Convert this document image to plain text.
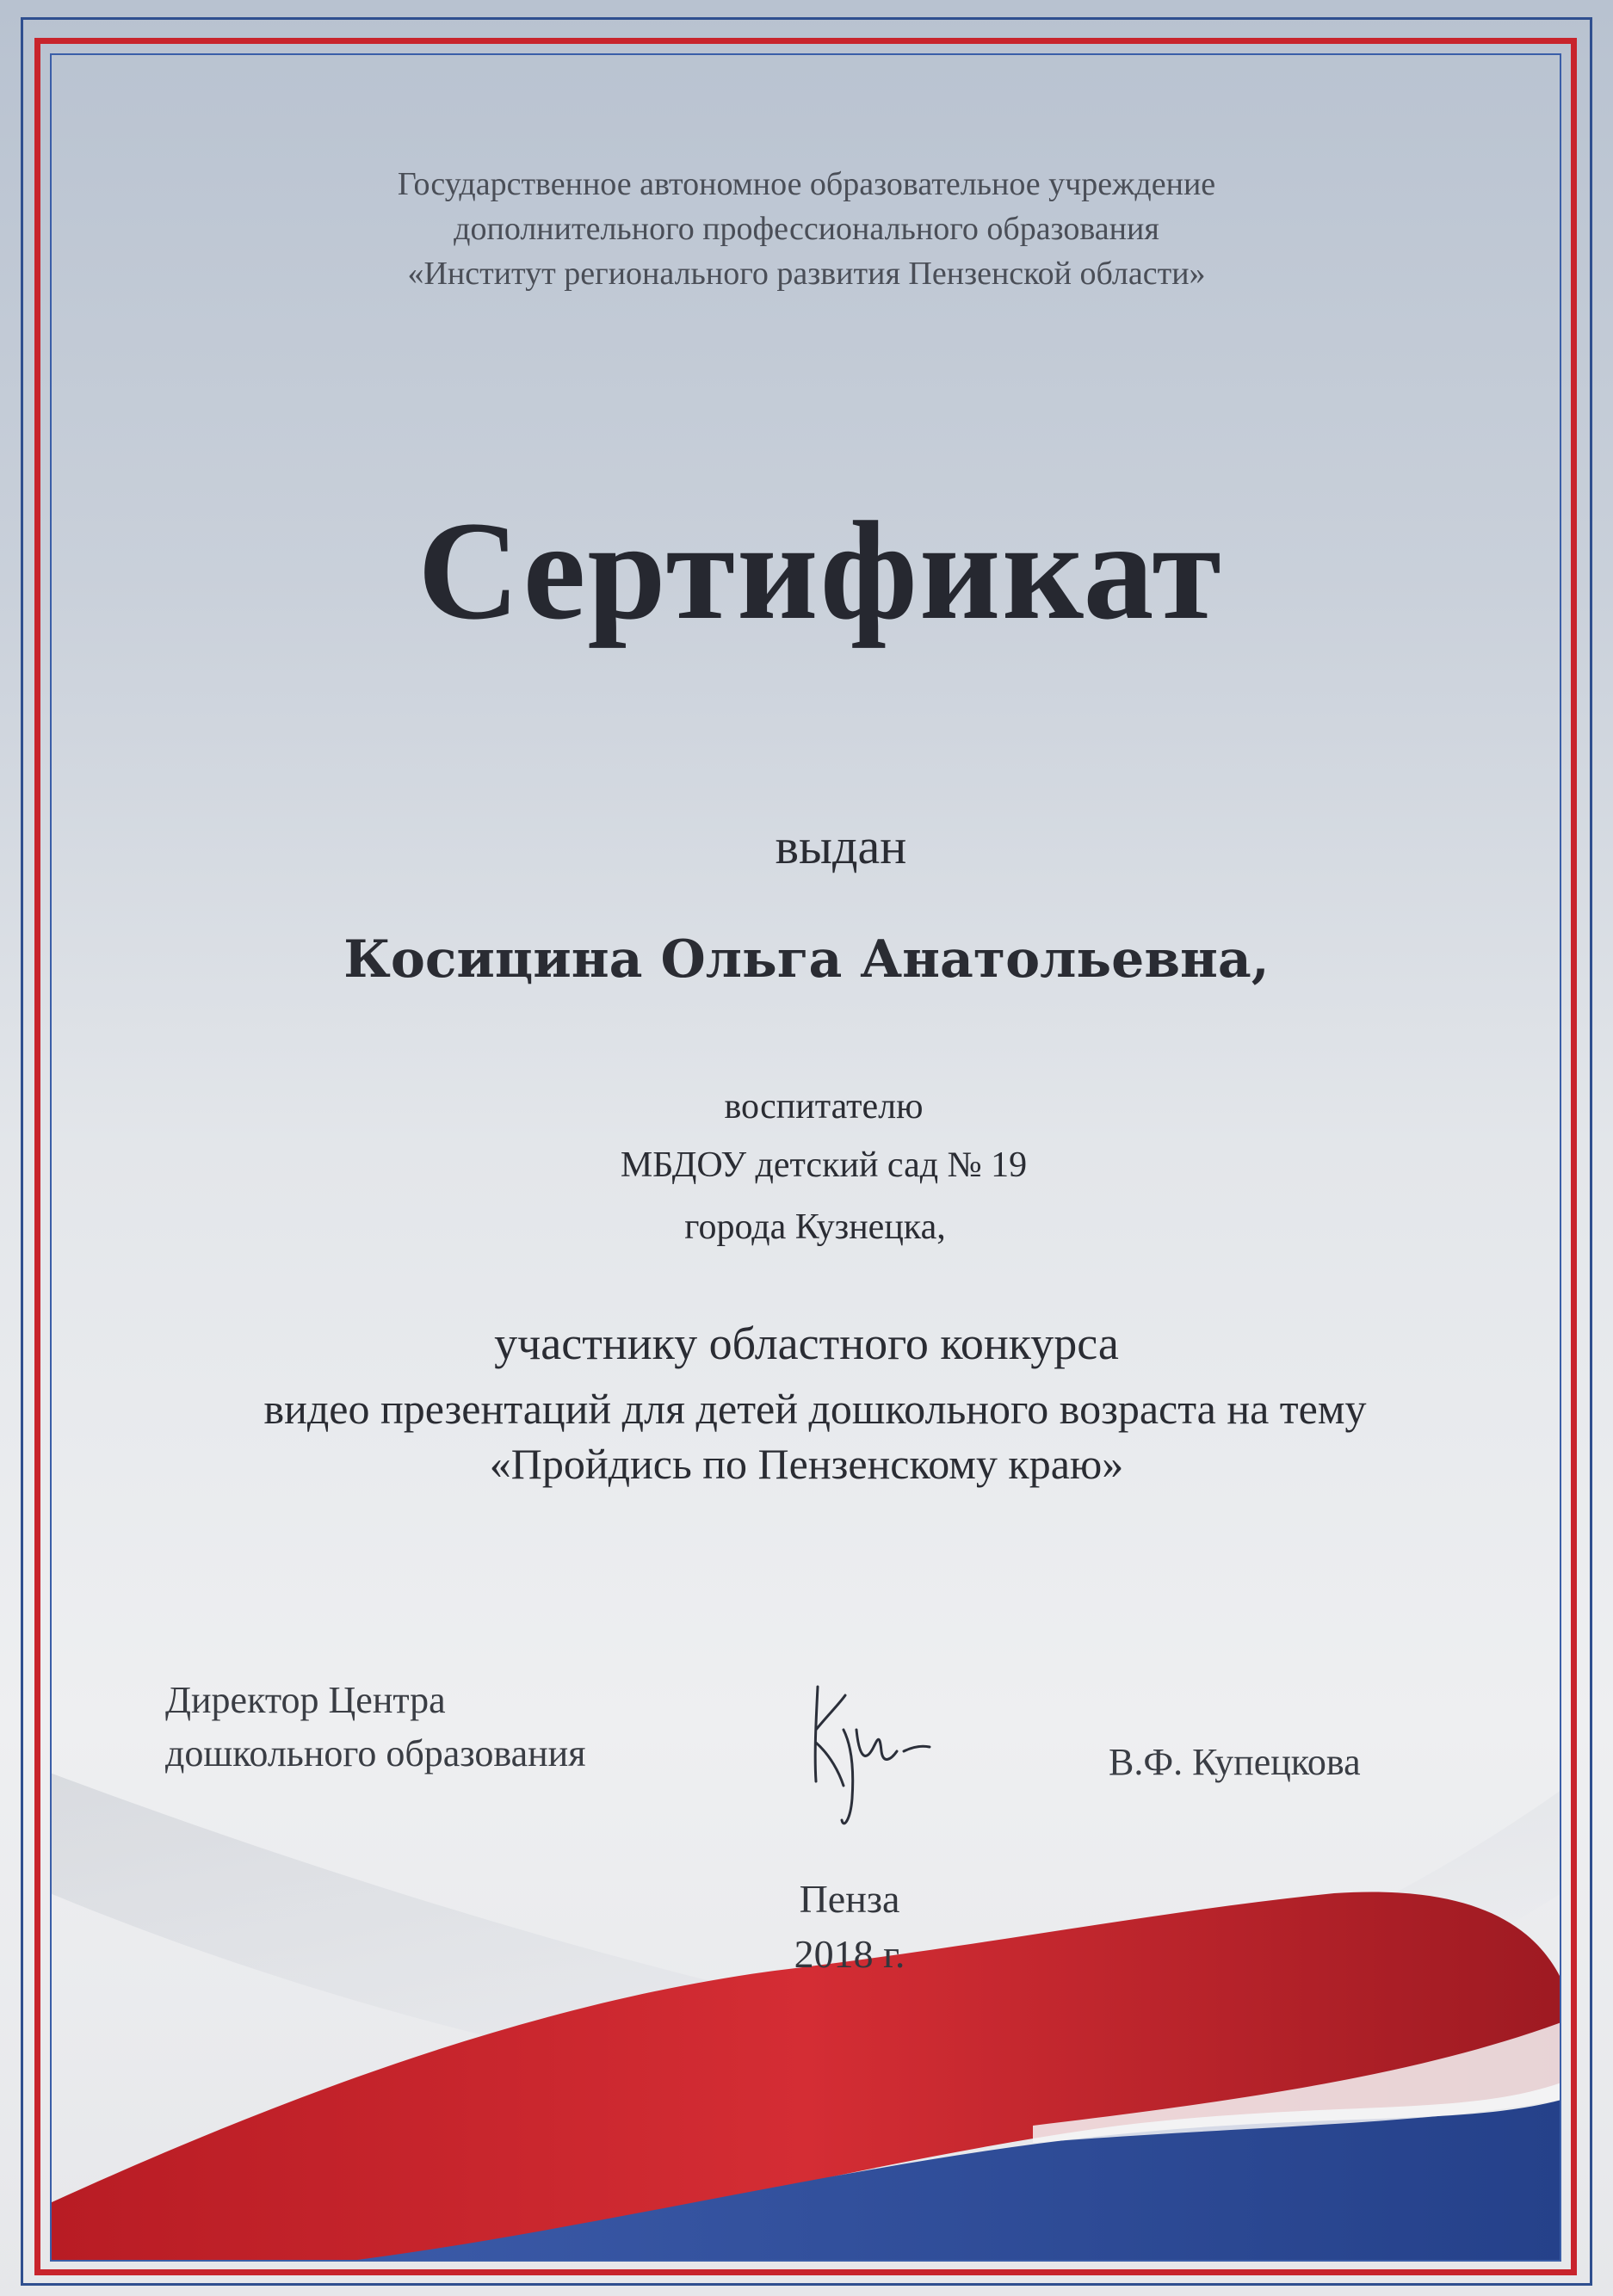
Государственное автономное образовательное учреждение
дополнительного профессионального образования
«Институт регионального развития Пензенской области»
Сертификат
выдан
Косицина Ольга Анатольевна,
воспитателю
МБДОУ детский сад № 19
города Кузнецка,
участнику областного конкурса
видео презентаций для детей дошкольного возраста на тему
«Пройдись по Пензенскому краю»
Директор Центра
дошкольного образования	В.Ф. Купецкова
Пенза
2018 г.
